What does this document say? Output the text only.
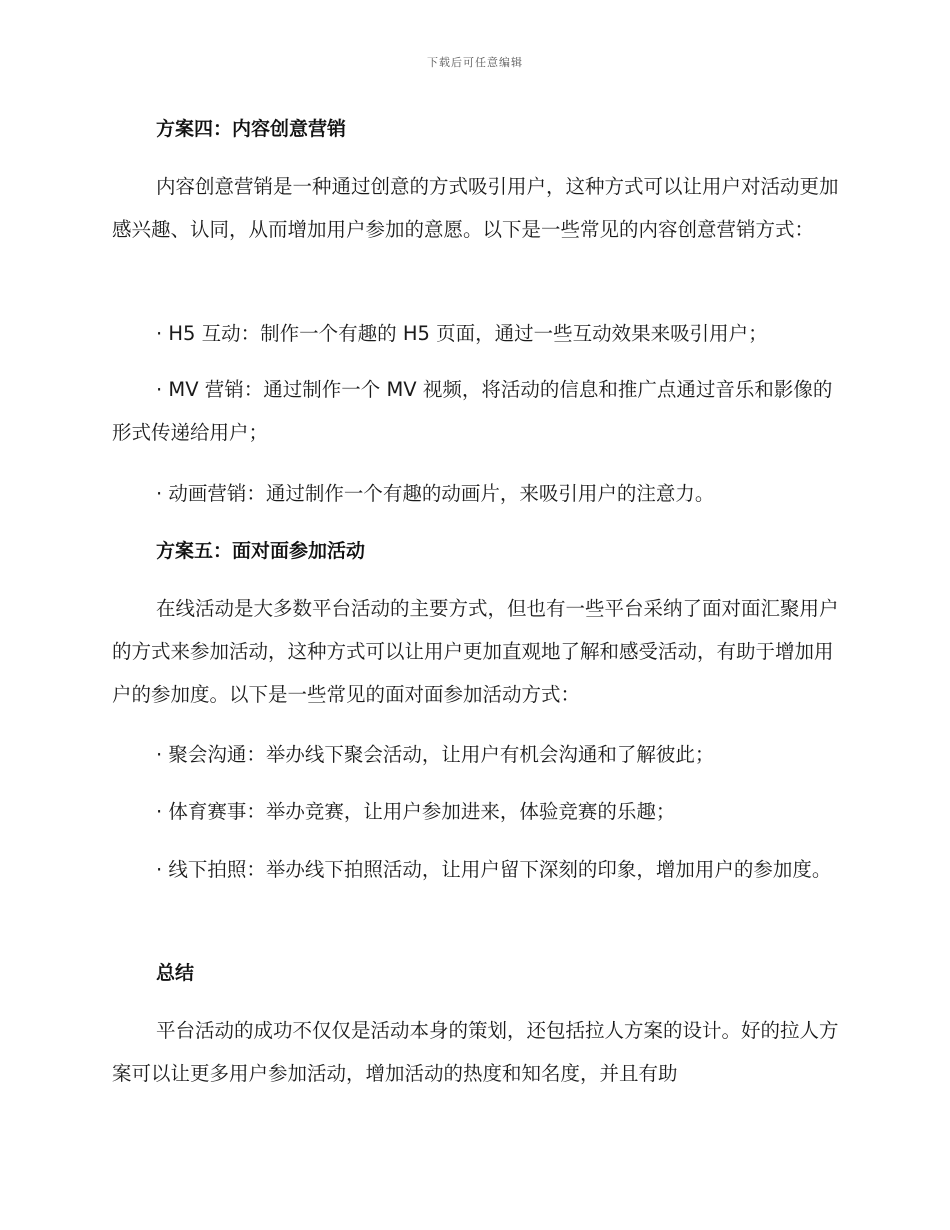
下载后可任意编辑
方案四：内容创意营销
内容创意营销是一种通过创意的方式吸引用户，这种方式可以让用户对活动更加感兴趣、认同，从而增加用户参加的意愿。以下是一些常见的内容创意营销方式：
· H5 互动：制作一个有趣的 H5 页面，通过一些互动效果来吸引用户；
· MV 营销：通过制作一个 MV 视频，将活动的信息和推广点通过音乐和影像的形式传递给用户；
· 动画营销：通过制作一个有趣的动画片，来吸引用户的注意力。
方案五：面对面参加活动
在线活动是大多数平台活动的主要方式，但也有一些平台采纳了面对面汇聚用户的方式来参加活动，这种方式可以让用户更加直观地了解和感受活动，有助于增加用户的参加度。以下是一些常见的面对面参加活动方式：
· 聚会沟通：举办线下聚会活动，让用户有机会沟通和了解彼此；
· 体育赛事：举办竞赛，让用户参加进来，体验竞赛的乐趣；
· 线下拍照：举办线下拍照活动，让用户留下深刻的印象，增加用户的参加度。
总结
平台活动的成功不仅仅是活动本身的策划，还包括拉人方案的设计。好的拉人方案可以让更多用户参加活动，增加活动的热度和知名度，并且有助
